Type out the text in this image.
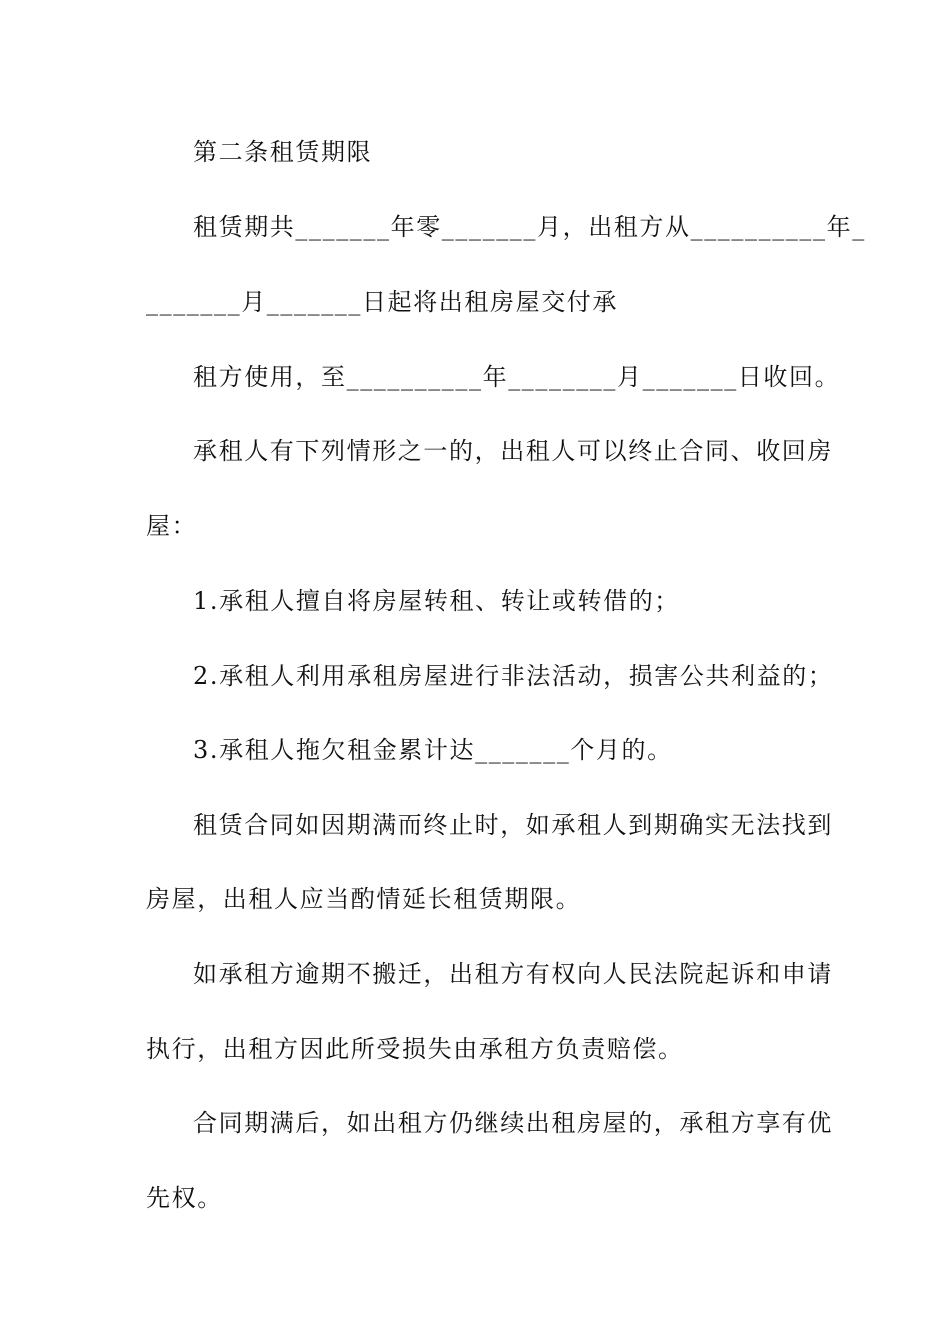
第二条租赁期限
租赁期共_______年零_______月，出租方从__________年_
_______月_______日起将出租房屋交付承
租方使用，至__________年________月_______日收回。
承租人有下列情形之一的，出租人可以终止合同、收回房
屋：
1.承租人擅自将房屋转租、转让或转借的；
2.承租人利用承租房屋进行非法活动，损害公共利益的；
3.承租人拖欠租金累计达_______个月的。
租赁合同如因期满而终止时，如承租人到期确实无法找到
房屋，出租人应当酌情延长租赁期限。
如承租方逾期不搬迁，出租方有权向人民法院起诉和申请
执行，出租方因此所受损失由承租方负责赔偿。
合同期满后，如出租方仍继续出租房屋的，承租方享有优
先权。
